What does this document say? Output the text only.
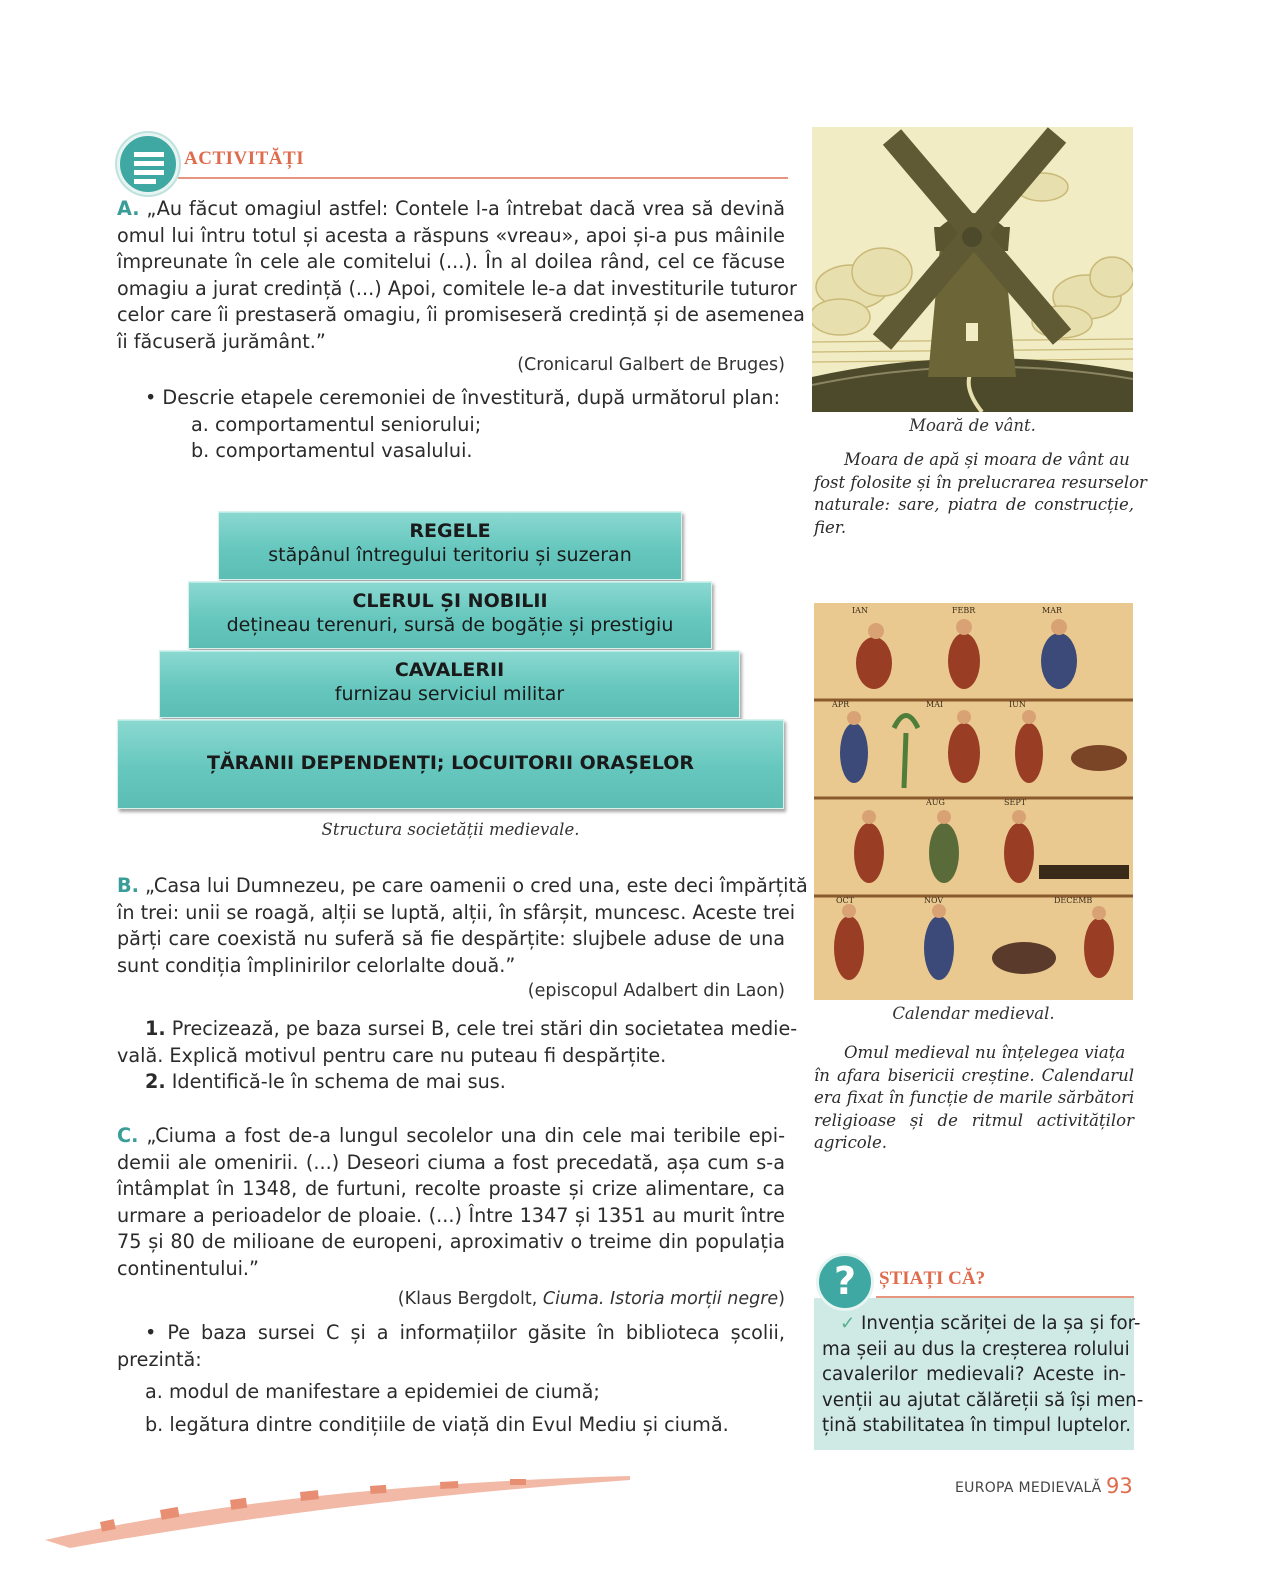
ACTIVITĂȚI

A. „Au făcut omagiul astfel: Contele l-a întrebat dacă vrea să devină

omul lui întru totul și acesta a răspuns «vreau», apoi și-a pus mâinile

împreunate în cele ale comitelui (...). În al doilea rând, cel ce făcuse

omagiu a jurat credință (...) Apoi, comitele le-a dat investiturile tuturor

celor care îi prestaseră omagiu, îi promiseseră credință și de asemenea

îi făcuseră jurământ.”

(Cronicarul Galbert de Bruges)

• Descrie etapele ceremoniei de învestitură, după următorul plan:

a. comportamentul seniorului;

b. comportamentul vasalului.

REGELE
stăpânul întregului teritoriu și suzeran
CLERUL ȘI NOBILII
dețineau terenuri, sursă de bogăție și prestigiu
CAVALERII
furnizau serviciul militar
ȚĂRANII DEPENDENȚI; LOCUITORII ORAȘELOR
Structura societății medievale.

B. „Casa lui Dumnezeu, pe care oamenii o cred una, este deci împărțită

în trei: unii se roagă, alții se luptă, alții, în sfârșit, muncesc. Aceste trei

părți care coexistă nu suferă să fie despărțite: slujbele aduse de una

sunt condiția împlinirilor celorlalte două.”

(episcopul Adalbert din Laon)

1. Precizează, pe baza sursei B, cele trei stări din societatea medie-

vală. Explică motivul pentru care nu puteau fi despărțite.

2. Identifică-le în schema de mai sus.

C. „Ciuma a fost de-a lungul secolelor una din cele mai teribile epi-

demii ale omenirii. (...) Deseori ciuma a fost precedată, așa cum s-a

întâmplat în 1348, de furtuni, recolte proaste și crize alimentare, ca

urmare a perioadelor de ploaie. (...) Între 1347 și 1351 au murit între

75 și 80 de milioane de europeni, aproximativ o treime din populația

continentului.”

(Klaus Bergdolt, Ciuma. Istoria morții negre)

• Pe baza sursei C și a informațiilor găsite în biblioteca școlii,

prezintă:

a. modul de manifestare a epidemiei de ciumă;

b. legătura dintre condițiile de viață din Evul Mediu și ciumă.

Moară de vânt.

Moara de apă și moara de vânt au

fost folosite și în prelucrarea resurselor

naturale: sare, piatra de construcție,

fier.

IAN	FEBR	MAR
APR	MAI	IUN
AUG	SEPT
OCT	NOV	DECEMB
Calendar medieval.

Omul medieval nu înțelegea viața

în afara bisericii creștine. Calendarul

era fixat în funcție de marile sărbători

religioase și de ritmul activităților

agricole.

?	ȘTIAȚI CĂ?

✓ Invenția scăriței de la șa și for-

ma șeii au dus la creșterea rolului

cavalerilor medievali? Aceste in-

venții au ajutat călăreții să își men-

țină stabilitatea în timpul luptelor.

EUROPA MEDIEVALĂ 93
